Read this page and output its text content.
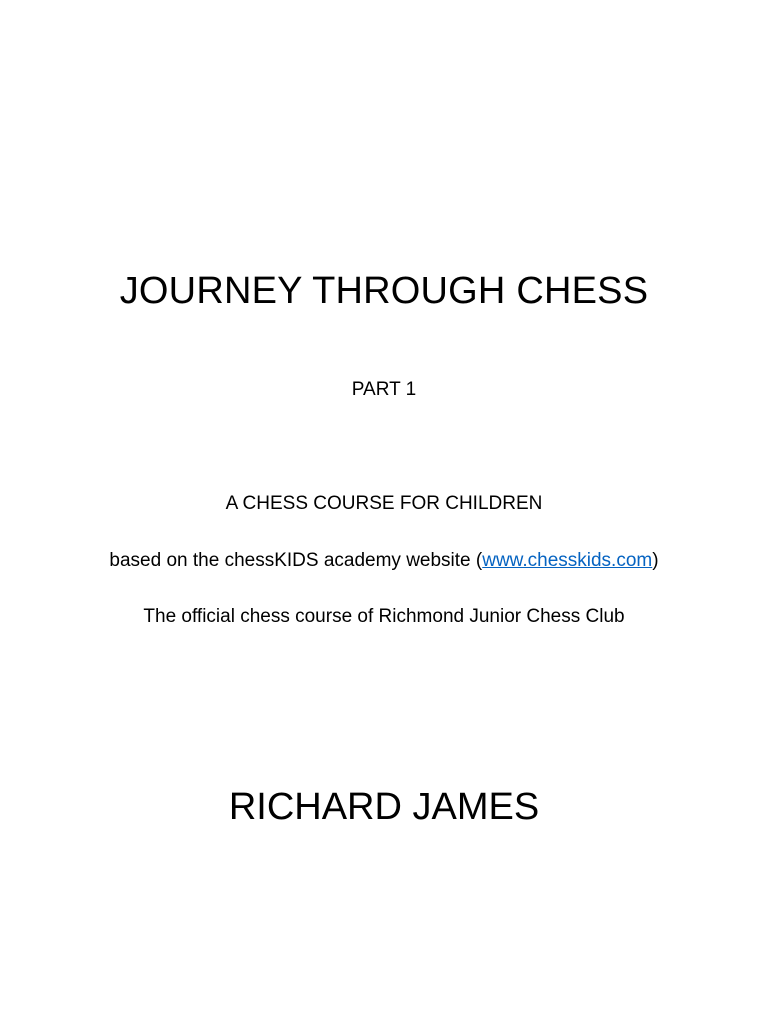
JOURNEY THROUGH CHESS
PART 1
A CHESS COURSE FOR CHILDREN
based on the chessKIDS academy website (www.chesskids.com)
The official chess course of Richmond Junior Chess Club
RICHARD JAMES
